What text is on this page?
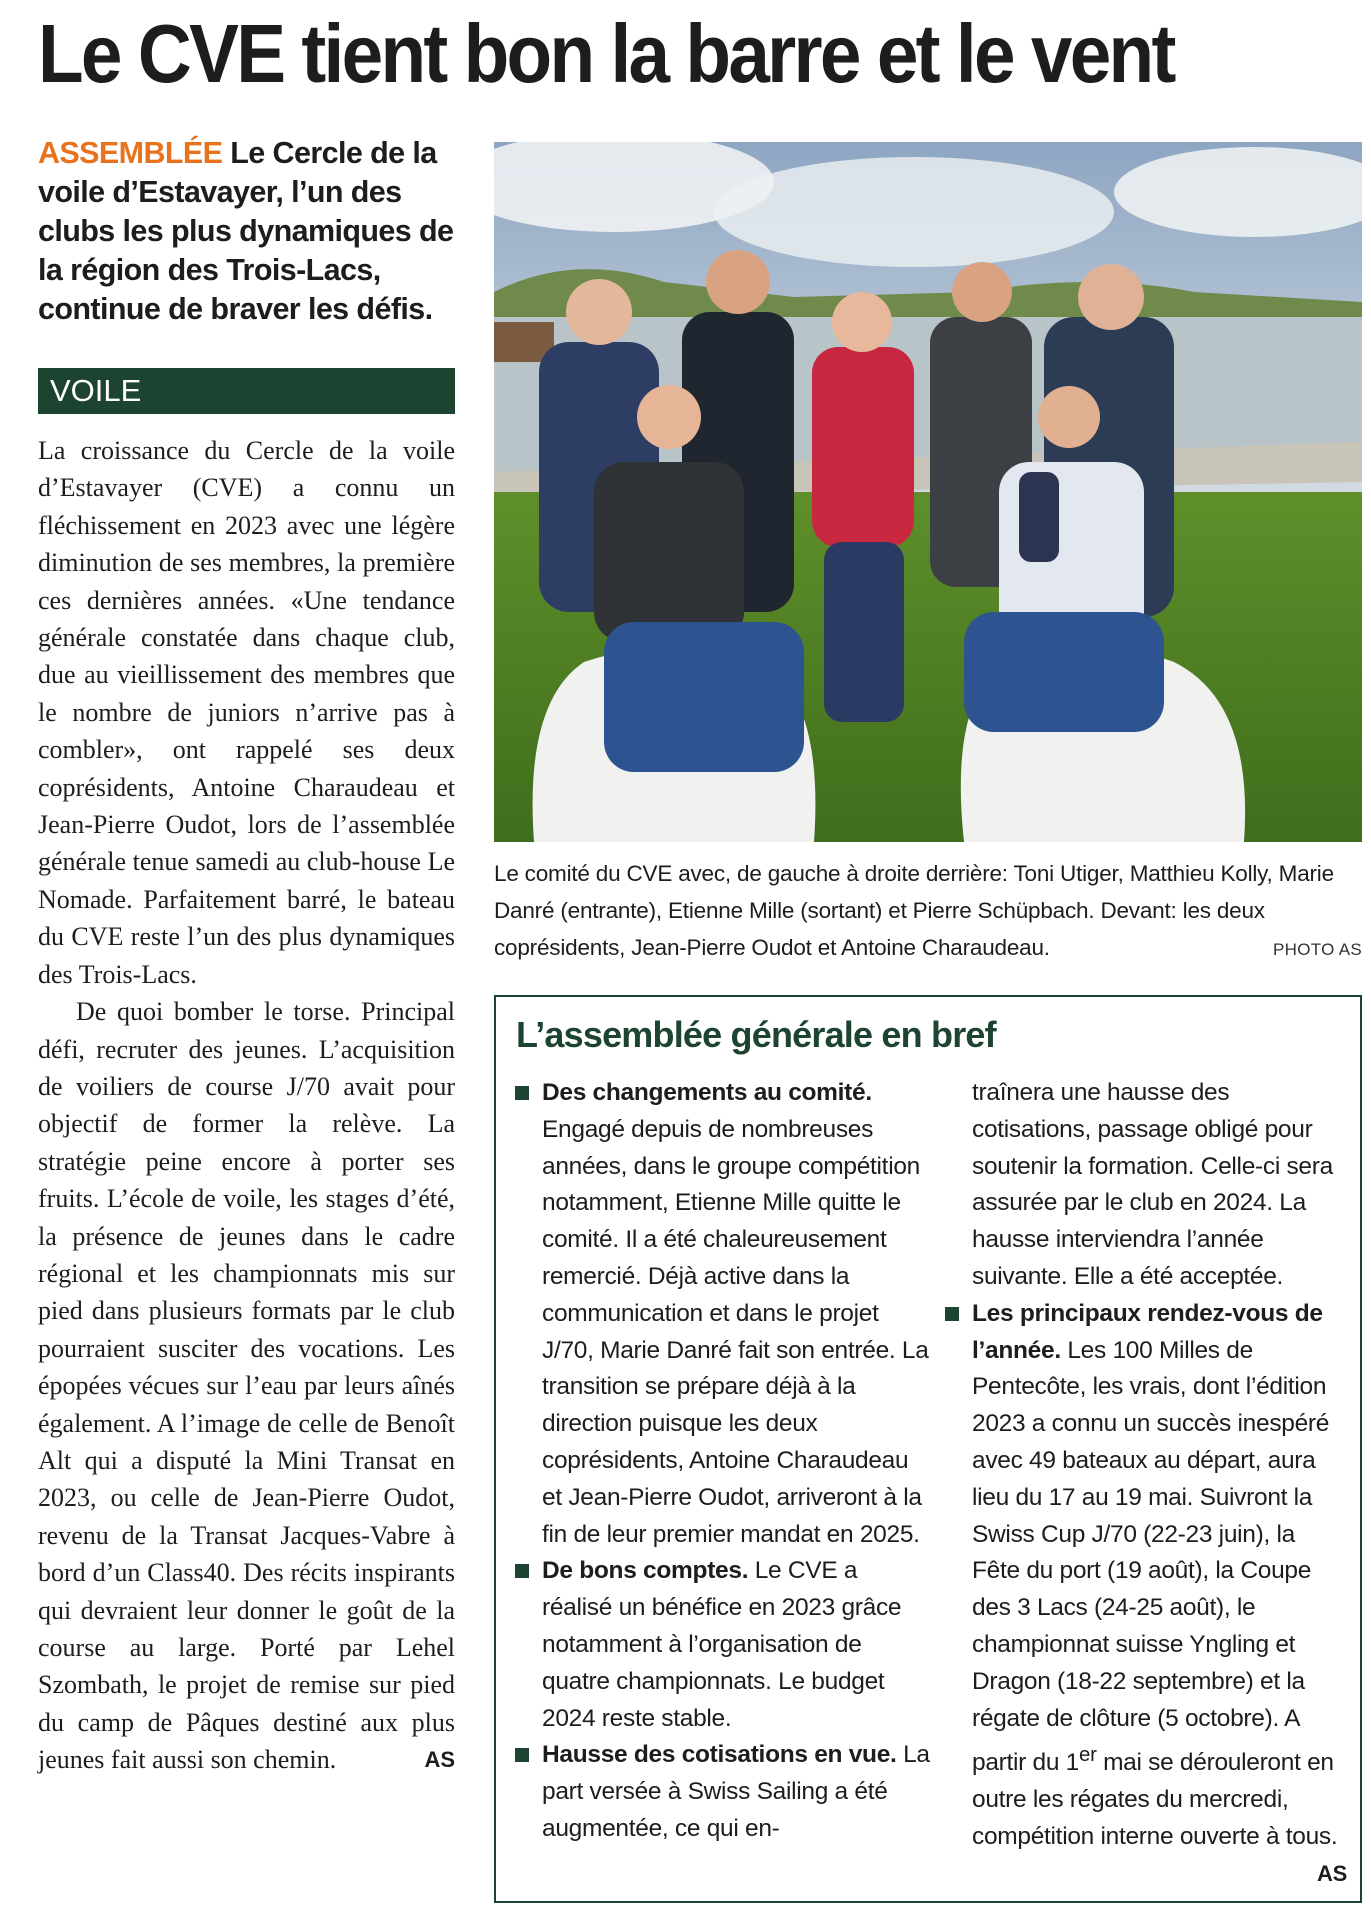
Le CVE tient bon la barre et le vent
ASSEMBLÉE Le Cercle de la voile d’Estavayer, l’un des clubs les plus dynamiques de la région des Trois-Lacs, continue de braver les défis.
VOILE

La croissance du Cercle de la voile d’Estavayer (CVE) a connu un fléchissement en 2023 avec une légère diminution de ses membres, la première ces dernières années. «Une tendance générale constatée dans chaque club, due au vieillissement des membres que le nombre de juniors n’arrive pas à combler», ont rappelé ses deux coprésidents, Antoine Charaudeau et Jean-Pierre Oudot, lors de l’assemblée générale tenue samedi au club-house Le Nomade. Parfaitement barré, le bateau du CVE reste l’un des plus dynamiques des Trois-Lacs.

De quoi bomber le torse. Principal défi, recruter des jeunes. L’acquisition de voiliers de course J/70 avait pour objectif de former la relève. La stratégie peine encore à porter ses fruits. L’école de voile, les stages d’été, la présence de jeunes dans le cadre régional et les championnats mis sur pied dans plusieurs formats par le club pourraient susciter des vocations. Les épopées vécues sur l’eau par leurs aînés également. A l’image de celle de Benoît Alt qui a disputé la Mini Transat en 2023, ou celle de Jean-Pierre Oudot, revenu de la Transat Jacques-Vabre à bord d’un Class40. Des récits inspirants qui devraient leur donner le goût de la course au large. Porté par Lehel Szombath, le projet de remise sur pied du camp de Pâques destiné aux plus jeunes fait aussi son chemin.	AS

Le comité du CVE avec, de gauche à droite derrière: Toni Utiger, Matthieu Kolly, Marie Danré (entrante), Etienne Mille (sortant) et Pierre Schüpbach. Devant: les deux coprésidents, Jean-Pierre Oudot et Antoine Charaudeau.	PHOTO AS
L’assemblée générale en bref

Des changements au comité. Engagé depuis de nombreuses années, dans le groupe compétition notamment, Etienne Mille quitte le comité. Il a été chaleureusement remercié. Déjà active dans la communication et dans le projet J/70, Marie Danré fait son entrée. La transition se prépare déjà à la direction puisque les deux coprésidents, Antoine Charaudeau et Jean-Pierre Oudot, arriveront à la fin de leur premier mandat en 2025.

De bons comptes. Le CVE a réalisé un bénéfice en 2023 grâce notamment à l’organisation de quatre championnats. Le budget 2024 reste stable.

Hausse des cotisations en vue. La part versée à Swiss Sailing a été augmentée, ce qui en-

traînera une hausse des cotisations, passage obligé pour soutenir la formation. Celle-ci sera assurée par le club en 2024. La hausse interviendra l’année suivante. Elle a été acceptée.

Les principaux rendez-vous de l’année. Les 100 Milles de Pentecôte, les vrais, dont l’édition 2023 a connu un succès inespéré avec 49 bateaux au départ, aura lieu du 17 au 19 mai. Suivront la Swiss Cup J/70 (22-23 juin), la Fête du port (19 août), la Coupe des 3 Lacs (24-25 août), le championnat suisse Yngling et Dragon (18-22 septembre) et la régate de clôture (5 octobre). A partir du 1er mai se dérouleront en outre les régates du mercredi, compétition interne ouverte à tous.
AS
